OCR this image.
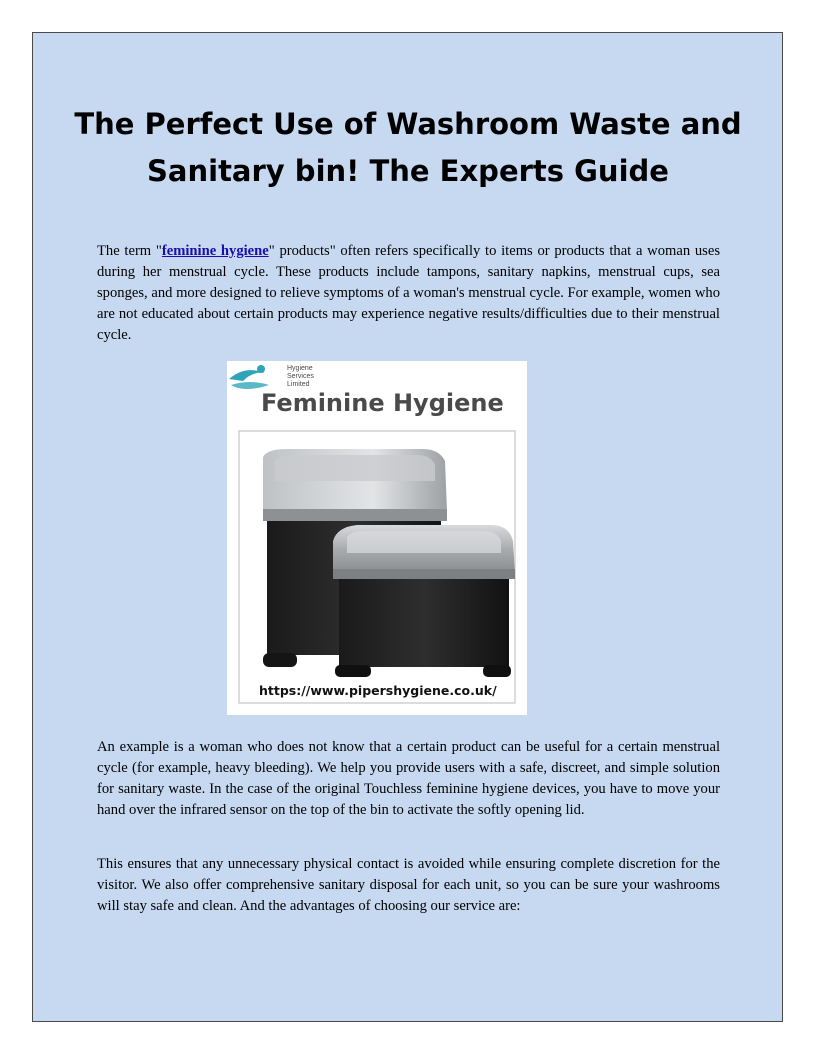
The Perfect Use of Washroom Waste and Sanitary bin! The Experts Guide

The term "feminine hygiene" products" often refers specifically to items or products that a woman uses during her menstrual cycle. These products include tampons, sanitary napkins, menstrual cups, sea sponges, and more designed to relieve symptoms of a woman's menstrual cycle. For example, women who are not educated about certain products may experience negative results/difficulties due to their menstrual cycle.

Hygiene
Services
Limited
Feminine Hygiene
https://www.pipershygiene.co.uk/

An example is a woman who does not know that a certain product can be useful for a certain menstrual cycle (for example, heavy bleeding). We help you provide users with a safe, discreet, and simple solution for sanitary waste. In the case of the original Touchless feminine hygiene devices, you have to move your hand over the infrared sensor on the top of the bin to activate the softly opening lid.

This ensures that any unnecessary physical contact is avoided while ensuring complete discretion for the visitor. We also offer comprehensive sanitary disposal for each unit, so you can be sure your washrooms will stay safe and clean. And the advantages of choosing our service are:
